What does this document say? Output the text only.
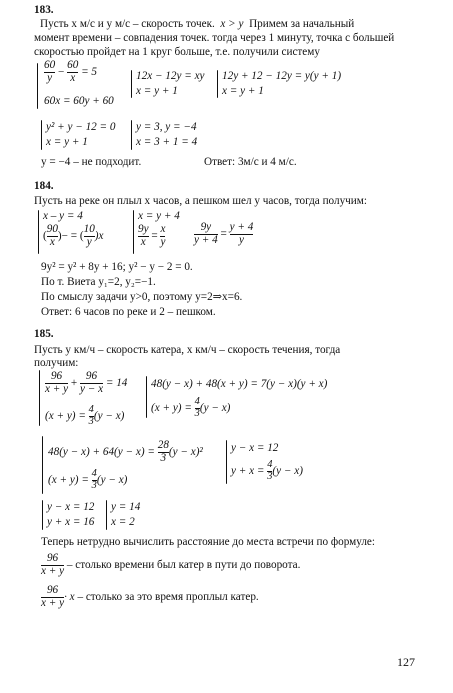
183.
Пусть х м/с и у м/с – скорость точек. x > y Примем за начальный
момент времени – совпадения точек. тогда через 1 минуту, точка с большей
скоростью пройдет на 1 круг больше, т.е. получили систему
$\frac{60}{y} - \frac{60}{x} = 5$
60x = 60y + 60
12x − 12y = xy
x = y + 1
12y + 12 − 12y = y(y + 1)
x = y + 1
y² + y − 12 = 0
x = y + 1
y = 3, y = −4
x = 3 + 1 = 4
y = −4 – не подходит.	Ответ: 3м/с и 4 м/с.
184.
Пусть на реке он плыл х часов, а пешком шел у часов, тогда получим:
x – y = 4
( $\frac{90}{x}$ )− = ( $\frac{10}{y} )x$
x = y + 4
$\frac{9y}{x} = \frac{x}{y}$	$\frac{9y}{y + 4} = \frac{y + 4}{y}$
9y² = y² + 8y + 16; y² − y − 2 = 0.
По т. Виета y₁=2, y₂=−1.
По смыслу задачи y>0, поэтому y=2⇒x=6.
Ответ: 6 часов по реке и 2 – пешком.
185.
Пусть у км/ч – скорость катера, х км/ч – скорость течения, тогда
получим:
$\frac{96}{x + y} + \frac{96}{y - x} = 14$
$(x + y) = \frac{4}{3} (y - x)$
48(y − x) + 48(x + y) = 7(y − x)(y + x)
$(x + y) = \frac{4}{3} (y - x)$
$48(y - x) + 64(y - x) = \frac{28}{3} (y - x)^2$
$(x + y) = \frac{4}{3} (y - x)$
y − x = 12
$y + x = \frac{4}{3} (y - x)$
y − x = 12
y + x = 16
y = 14
x = 2
Теперь нетрудно вычислить расстояние до места встречи по формуле:
$\frac{96}{x + y}$ – столько времени был катер в пути до поворота.
$\frac{96}{x + y} \cdot x$ – столько за это время проплыл катер.
127
